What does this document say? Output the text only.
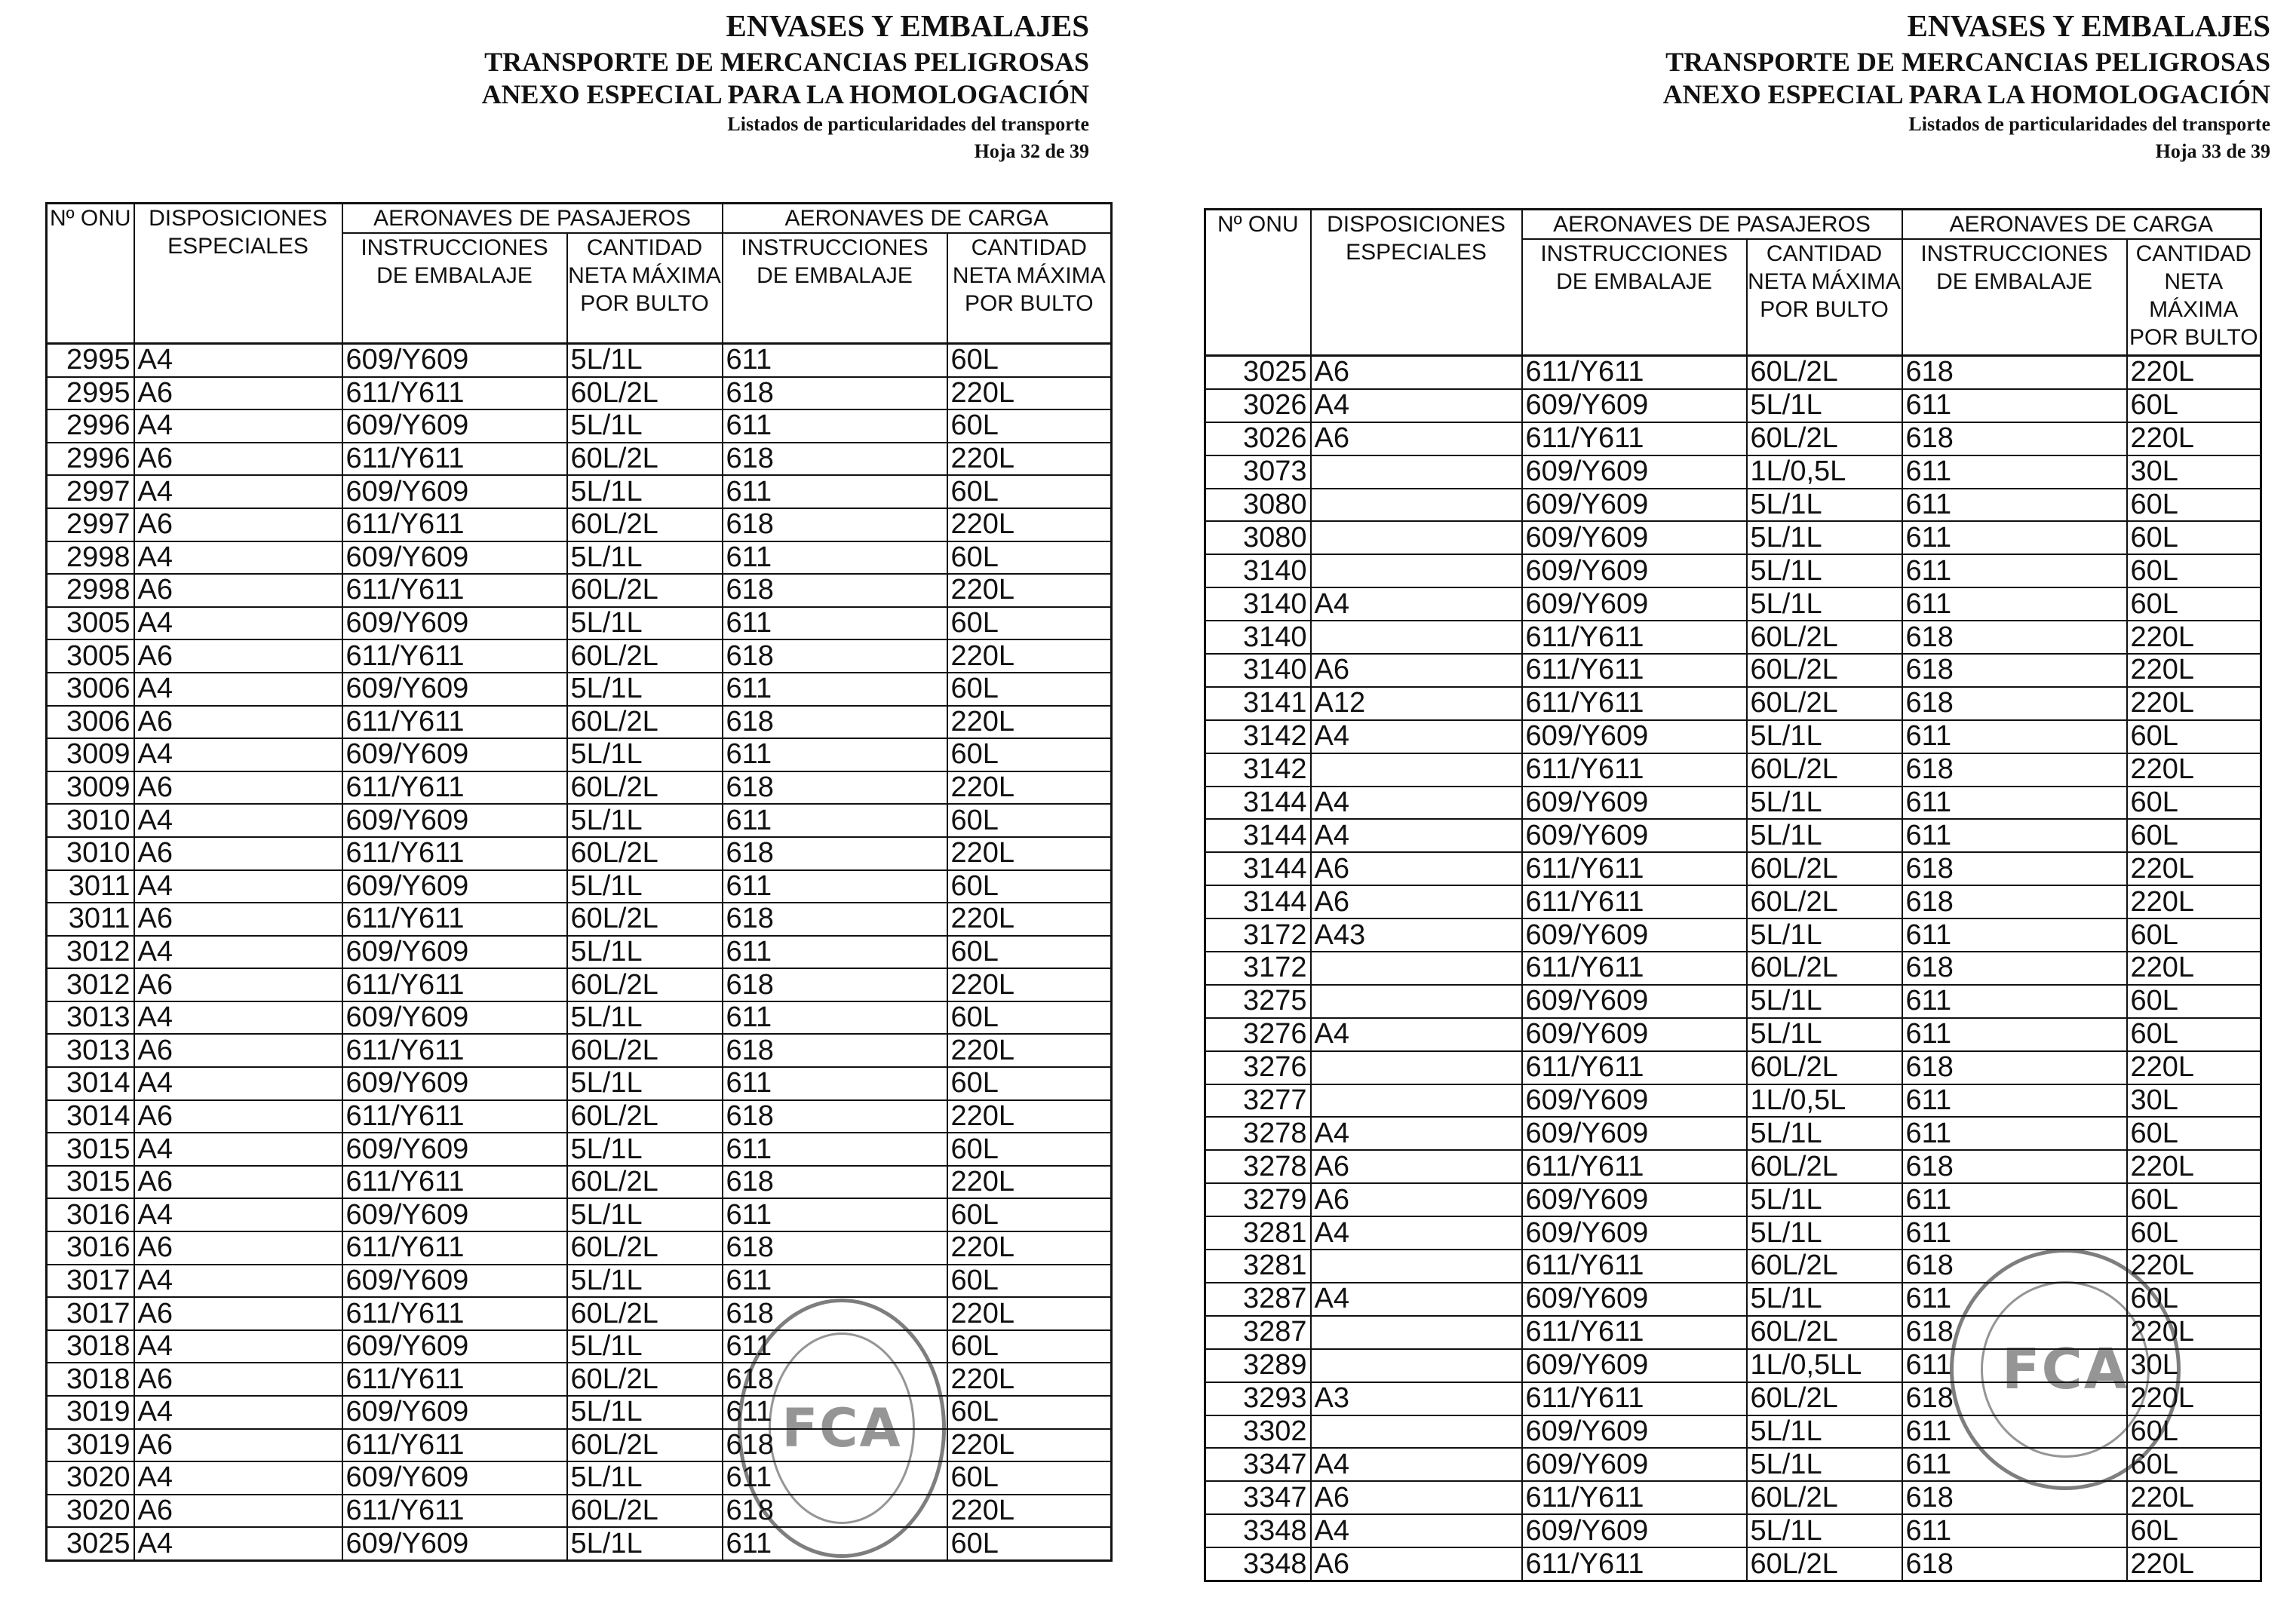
ENVASES Y EMBALAJES
TRANSPORTE DE MERCANCIAS PELIGROSAS
ANEXO ESPECIAL PARA LA HOMOLOGACIÓN
Listados de particularidades del transporte
Hoja 32 de 39
Nº ONU	DISPOSICIONES ESPECIALES	AERONAVES DE PASAJEROS		AERONAVES DE CARGA	
		INSTRUCCIONES DE EMBALAJE	CANTIDAD NETA MÁXIMA POR BULTO	INSTRUCCIONES DE EMBALAJE	CANTIDAD NETA MÁXIMA POR BULTO
2995	A4	609/Y609	5L/1L	611	60L
2995	A6	611/Y611	60L/2L	618	220L
2996	A4	609/Y609	5L/1L	611	60L
2996	A6	611/Y611	60L/2L	618	220L
2997	A4	609/Y609	5L/1L	611	60L
2997	A6	611/Y611	60L/2L	618	220L
2998	A4	609/Y609	5L/1L	611	60L
2998	A6	611/Y611	60L/2L	618	220L
3005	A4	609/Y609	5L/1L	611	60L
3005	A6	611/Y611	60L/2L	618	220L
3006	A4	609/Y609	5L/1L	611	60L
3006	A6	611/Y611	60L/2L	618	220L
3009	A4	609/Y609	5L/1L	611	60L
3009	A6	611/Y611	60L/2L	618	220L
3010	A4	609/Y609	5L/1L	611	60L
3010	A6	611/Y611	60L/2L	618	220L
3011	A4	609/Y609	5L/1L	611	60L
3011	A6	611/Y611	60L/2L	618	220L
3012	A4	609/Y609	5L/1L	611	60L
3012	A6	611/Y611	60L/2L	618	220L
3013	A4	609/Y609	5L/1L	611	60L
3013	A6	611/Y611	60L/2L	618	220L
3014	A4	609/Y609	5L/1L	611	60L
3014	A6	611/Y611	60L/2L	618	220L
3015	A4	609/Y609	5L/1L	611	60L
3015	A6	611/Y611	60L/2L	618	220L
3016	A4	609/Y609	5L/1L	611	60L
3016	A6	611/Y611	60L/2L	618	220L
3017	A4	609/Y609	5L/1L	611	60L
3017	A6	611/Y611	60L/2L	618	220L
3018	A4	609/Y609	5L/1L	611	60L
3018	A6	611/Y611	60L/2L	618	220L
3019	A4	609/Y609	5L/1L	611	60L
3019	A6	611/Y611	60L/2L	618	220L
3020	A4	609/Y609	5L/1L	611	60L
3020	A6	611/Y611	60L/2L	618	220L
3025	A4	609/Y609	5L/1L	611	60L
FCA
ENVASES Y EMBALAJES
TRANSPORTE DE MERCANCIAS PELIGROSAS
ANEXO ESPECIAL PARA LA HOMOLOGACIÓN
Listados de particularidades del transporte
Hoja 33 de 39
Nº ONU	DISPOSICIONES ESPECIALES	AERONAVES DE PASAJEROS		AERONAVES DE CARGA	
		INSTRUCCIONES DE EMBALAJE	CANTIDAD NETA MÁXIMA POR BULTO	INSTRUCCIONES DE EMBALAJE	CANTIDAD NETA MÁXIMA POR BULTO
3025	A6	611/Y611	60L/2L	618	220L
3026	A4	609/Y609	5L/1L	611	60L
3026	A6	611/Y611	60L/2L	618	220L
3073		609/Y609	1L/0,5L	611	30L
3080		609/Y609	5L/1L	611	60L
3080		609/Y609	5L/1L	611	60L
3140		609/Y609	5L/1L	611	60L
3140	A4	609/Y609	5L/1L	611	60L
3140		611/Y611	60L/2L	618	220L
3140	A6	611/Y611	60L/2L	618	220L
3141	A12	611/Y611	60L/2L	618	220L
3142	A4	609/Y609	5L/1L	611	60L
3142		611/Y611	60L/2L	618	220L
3144	A4	609/Y609	5L/1L	611	60L
3144	A4	609/Y609	5L/1L	611	60L
3144	A6	611/Y611	60L/2L	618	220L
3144	A6	611/Y611	60L/2L	618	220L
3172	A43	609/Y609	5L/1L	611	60L
3172		611/Y611	60L/2L	618	220L
3275		609/Y609	5L/1L	611	60L
3276	A4	609/Y609	5L/1L	611	60L
3276		611/Y611	60L/2L	618	220L
3277		609/Y609	1L/0,5L	611	30L
3278	A4	609/Y609	5L/1L	611	60L
3278	A6	611/Y611	60L/2L	618	220L
3279	A6	609/Y609	5L/1L	611	60L
3281	A4	609/Y609	5L/1L	611	60L
3281		611/Y611	60L/2L	618	220L
3287	A4	609/Y609	5L/1L	611	60L
3287		611/Y611	60L/2L	618	220L
3289		609/Y609	1L/0,5LL	611	30L
3293	A3	611/Y611	60L/2L	618	220L
3302		609/Y609	5L/1L	611	60L
3347	A4	609/Y609	5L/1L	611	60L
3347	A6	611/Y611	60L/2L	618	220L
3348	A4	609/Y609	5L/1L	611	60L
3348	A6	611/Y611	60L/2L	618	220L
FCA
